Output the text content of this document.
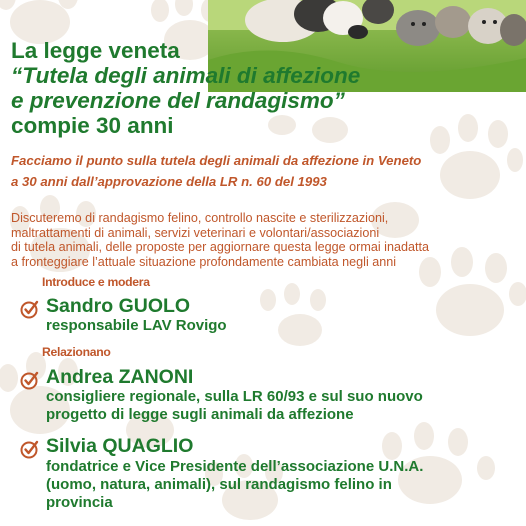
La legge veneta
“Tutela degli animali di affezione
e prevenzione del randagismo”
compie 30 anni
Facciamo il punto sulla tutela degli animali da affezione in Veneto
a 30 anni dall’approvazione della LR n. 60 del 1993
Discuteremo di randagismo felino, controllo nascite e sterilizzazioni,
maltrattamenti di animali, servizi veterinari e volontari/associazioni
di tutela animali, delle proposte per aggiornare questa legge ormai inadatta
a fronteggiare l’attuale situazione profondamente cambiata negli anni
Introduce e modera
Sandro GUOLO
responsabile LAV Rovigo
Relazionano
Andrea ZANONI
consigliere regionale, sulla LR 60/93 e sul suo nuovo
progetto di legge sugli animali da affezione
Silvia QUAGLIO
fondatrice e Vice Presidente dell’associazione U.N.A.
(uomo, natura, animali), sul randagismo felino in
provincia
